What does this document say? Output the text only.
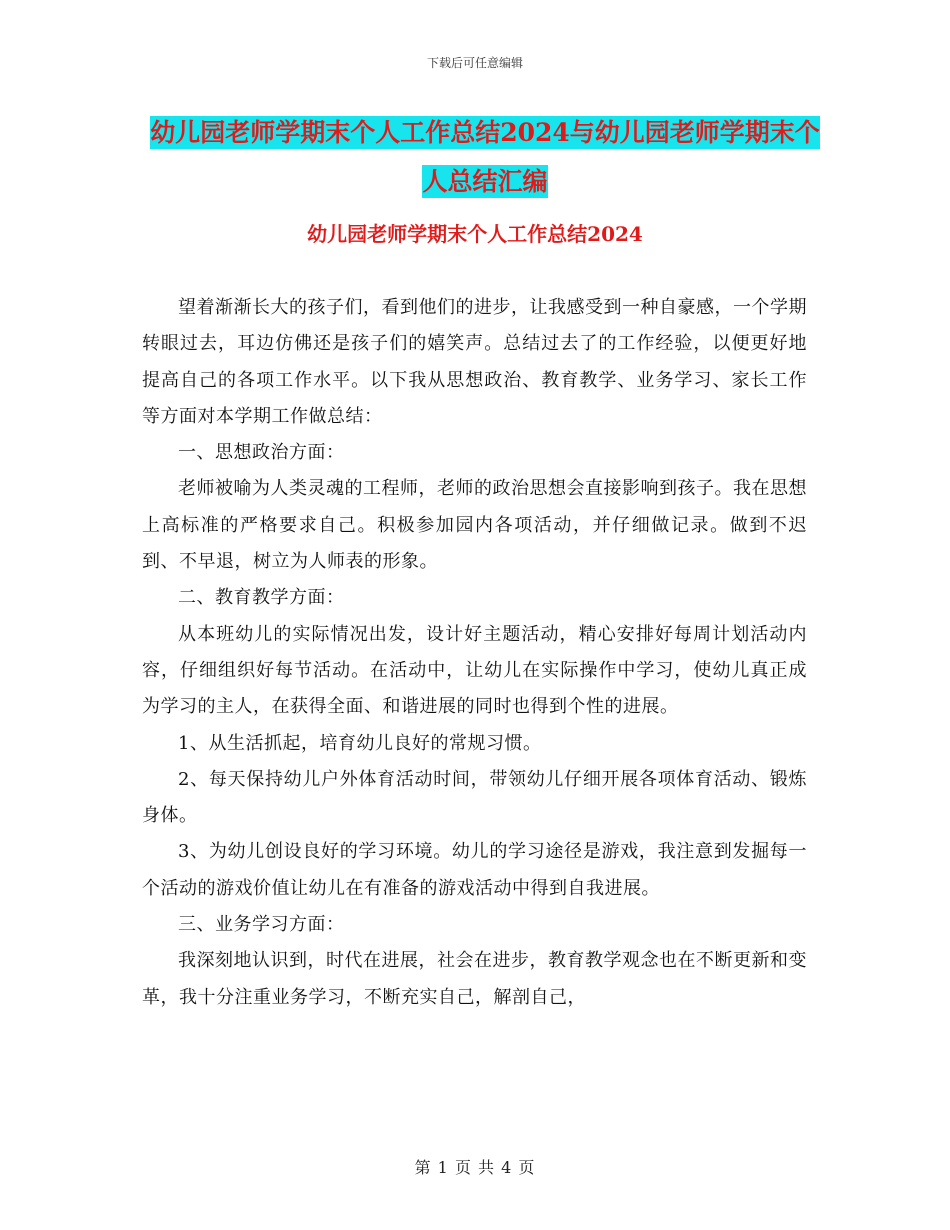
下载后可任意编辑
幼儿园老师学期末个人工作总结2024与幼儿园老师学期末个人总结汇编
幼儿园老师学期末个人工作总结2024

望着渐渐长大的孩子们，看到他们的进步，让我感受到一种自豪感，一个学期转眼过去，耳边仿佛还是孩子们的嬉笑声。总结过去了的工作经验，以便更好地提高自己的各项工作水平。以下我从思想政治、教育教学、业务学习、家长工作等方面对本学期工作做总结：

一、思想政治方面：

老师被喻为人类灵魂的工程师，老师的政治思想会直接影响到孩子。我在思想上高标准的严格要求自己。积极参加园内各项活动，并仔细做记录。做到不迟到、不早退，树立为人师表的形象。

二、教育教学方面：

从本班幼儿的实际情况出发，设计好主题活动，精心安排好每周计划活动内容，仔细组织好每节活动。在活动中，让幼儿在实际操作中学习，使幼儿真正成为学习的主人，在获得全面、和谐进展的同时也得到个性的进展。

1、从生活抓起，培育幼儿良好的常规习惯。

2、每天保持幼儿户外体育活动时间，带领幼儿仔细开展各项体育活动、锻炼身体。

3、为幼儿创设良好的学习环境。幼儿的学习途径是游戏，我注意到发掘每一个活动的游戏价值让幼儿在有准备的游戏活动中得到自我进展。

三、业务学习方面：

我深刻地认识到，时代在进展，社会在进步，教育教学观念也在不断更新和变革，我十分注重业务学习，不断充实自己，解剖自己，

第 1 页 共 4 页
